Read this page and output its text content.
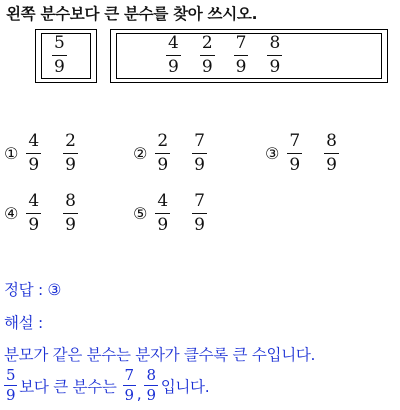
왼쪽 분수보다 큰 분수를 찾아 쓰시오.
$\frac{5}{9}$	$\frac{4}{9} \frac{2}{9} \frac{7}{9} \frac{8}{9}$
① $\frac{4}{9} \frac{2}{9}$	② $\frac{2}{9} \frac{7}{9}$	③ $\frac{7}{9} \frac{8}{9}$
④ $\frac{4}{9} \frac{8}{9}$	⑤ $\frac{4}{9} \frac{7}{9}$
정답 : ③
해설 :
분모가 같은 분수는 분자가 클수록 큰 수입니다.
$\frac{5}{9}$ 보다 큰 분수는 $\frac{7}{9}$ , $\frac{8}{9}$ 입니다.
